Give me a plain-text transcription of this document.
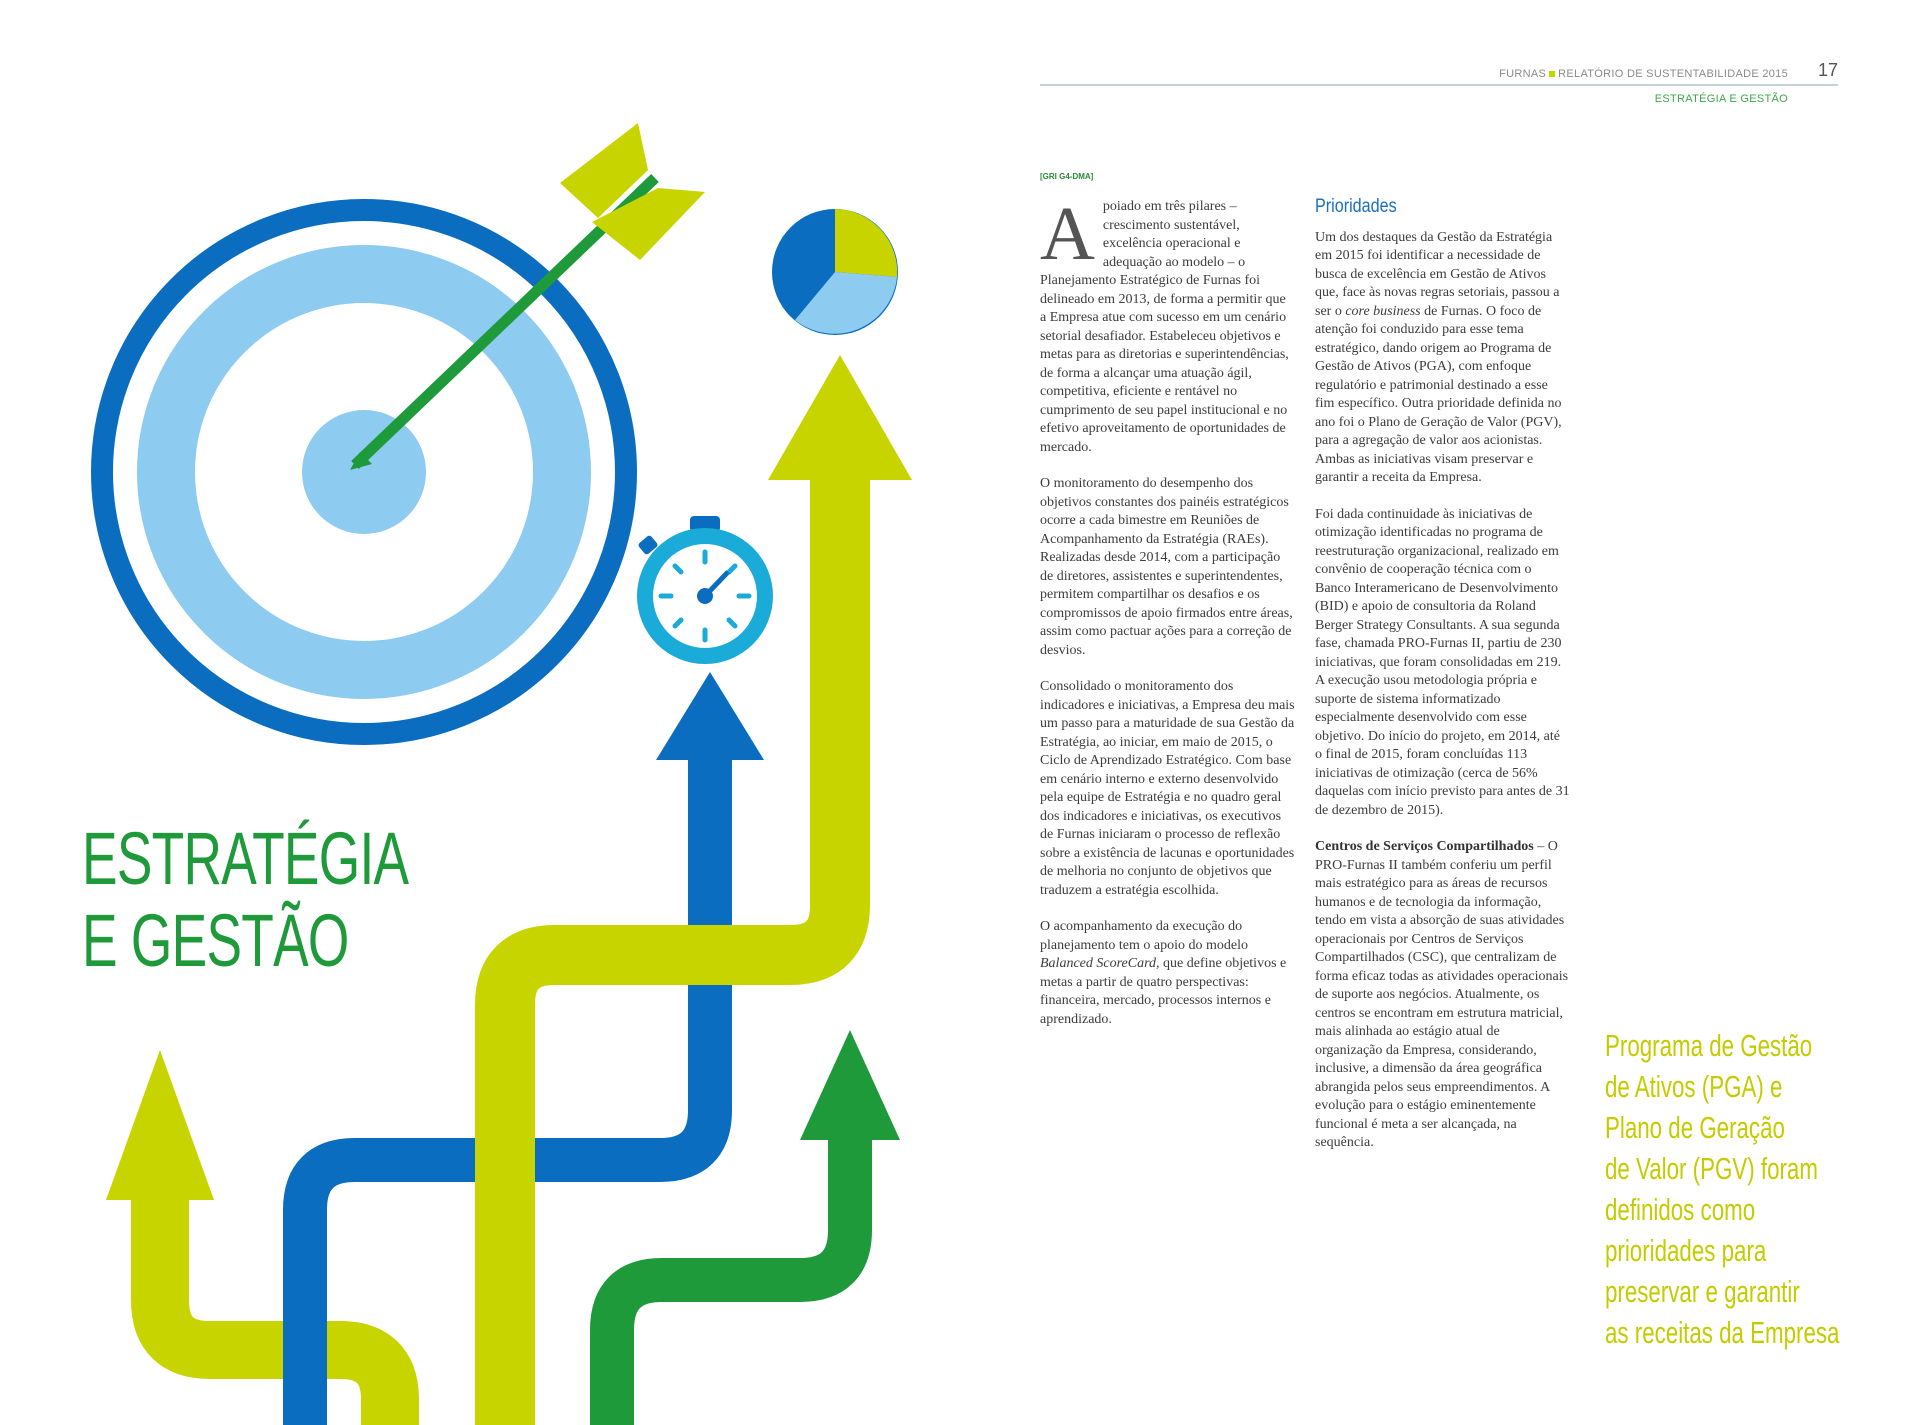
ESTRATÉGIA
E GESTÃO
FURNAS RELATÓRIO DE SUSTENTABILIDADE 2015 17
ESTRATÉGIA E GESTÃO
[GRI G4-DMA]

Apoiado em três pilares – crescimento sustentável, excelência operacional e adequação ao modelo – o Planejamento Estratégico de Furnas foi delineado em 2013, de forma a permitir que a Empresa atue com sucesso em um cenário setorial desafiador. Estabeleceu objetivos e metas para as diretorias e superintendências, de forma a alcançar uma atuação ágil, competitiva, eficiente e rentável no cumprimento de seu papel institucional e no efetivo aproveitamento de oportunidades de mercado.

O monitoramento do desempenho dos objetivos constantes dos painéis estratégicos ocorre a cada bimestre em Reuniões de Acompanhamento da Estratégia (RAEs). Realizadas desde 2014, com a participação de diretores, assistentes e superintendentes, permitem compartilhar os desafios e os compromissos de apoio firmados entre áreas, assim como pactuar ações para a correção de desvios.

Consolidado o monitoramento dos indicadores e iniciativas, a Empresa deu mais um passo para a maturidade de sua Gestão da Estratégia, ao iniciar, em maio de 2015, o Ciclo de Aprendizado Estratégico. Com base em cenário interno e externo desenvolvido pela equipe de Estratégia e no quadro geral dos indicadores e iniciativas, os executivos de Furnas iniciaram o processo de reflexão sobre a existência de lacunas e oportunidades de melhoria no conjunto de objetivos que traduzem a estratégia escolhida.

O acompanhamento da execução do planejamento tem o apoio do modelo Balanced ScoreCard, que define objetivos e metas a partir de quatro perspectivas: financeira, mercado, processos internos e aprendizado.

Prioridades

Um dos destaques da Gestão da Estratégia em 2015 foi identificar a necessidade de busca de excelência em Gestão de Ativos que, face às novas regras setoriais, passou a ser o core business de Furnas. O foco de atenção foi conduzido para esse tema estratégico, dando origem ao Programa de Gestão de Ativos (PGA), com enfoque regulatório e patrimonial destinado a esse fim específico. Outra prioridade definida no ano foi o Plano de Geração de Valor (PGV), para a agregação de valor aos acionistas. Ambas as iniciativas visam preservar e garantir a receita da Empresa.

Foi dada continuidade às iniciativas de otimização identificadas no programa de reestruturação organizacional, realizado em convênio de cooperação técnica com o Banco Interamericano de Desenvolvimento (BID) e apoio de consultoria da Roland Berger Strategy Consultants. A sua segunda fase, chamada PRO-Furnas II, partiu de 230 iniciativas, que foram consolidadas em 219. A execução usou metodologia própria e suporte de sistema informatizado especialmente desenvolvido com esse objetivo. Do início do projeto, em 2014, até o final de 2015, foram concluídas 113 iniciativas de otimização (cerca de 56% daquelas com início previsto para antes de 31 de dezembro de 2015).

Centros de Serviços Compartilhados – O PRO-Furnas II também conferiu um perfil mais estratégico para as áreas de recursos humanos e de tecnologia da informação, tendo em vista a absorção de suas atividades operacionais por Centros de Serviços Compartilhados (CSC), que centralizam de forma eficaz todas as atividades operacionais de suporte aos negócios. Atualmente, os centros se encontram em estrutura matricial, mais alinhada ao estágio atual de organização da Empresa, considerando, inclusive, a dimensão da área geográfica abrangida pelos seus empreendimentos. A evolução para o estágio eminentemente funcional é meta a ser alcançada, na sequência.

Programa de Gestão
de Ativos (PGA) e
Plano de Geração
de Valor (PGV) foram
definidos como
prioridades para
preservar e garantir
as receitas da Empresa
